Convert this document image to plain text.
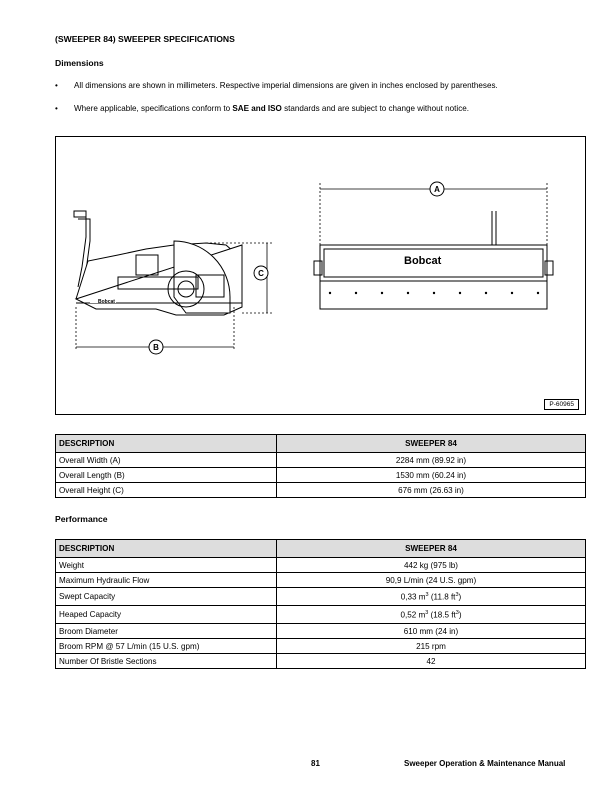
(SWEEPER 84) SWEEPER SPECIFICATIONS
Dimensions
• All dimensions are shown in millimeters. Respective imperial dimensions are given in inches enclosed by parentheses.
• Where applicable, specifications conform to SAE and ISO standards and are subject to change without notice.
Bobcat
B
C
Bobcat
A
P-60965
DESCRIPTION	SWEEPER 84
Overall Width (A)	2284 mm (89.92 in)
Overall Length (B)	1530 mm (60.24 in)
Overall Height (C)	676 mm (26.63 in)
Performance
DESCRIPTION	SWEEPER 84
Weight	442 kg (975 lb)
Maximum Hydraulic Flow	90,9 L/min (24 U.S. gpm)
Swept Capacity	0,33 $m^3$ (11.8 $ft^3$)
Heaped Capacity	0,52 $m^3$ (18.5 $ft^3$)
Broom Diameter	610 mm (24 in)
Broom RPM @ 57 L/min (15 U.S. gpm)	215 rpm
Number Of Bristle Sections	42
81	Sweeper Operation & Maintenance Manual
